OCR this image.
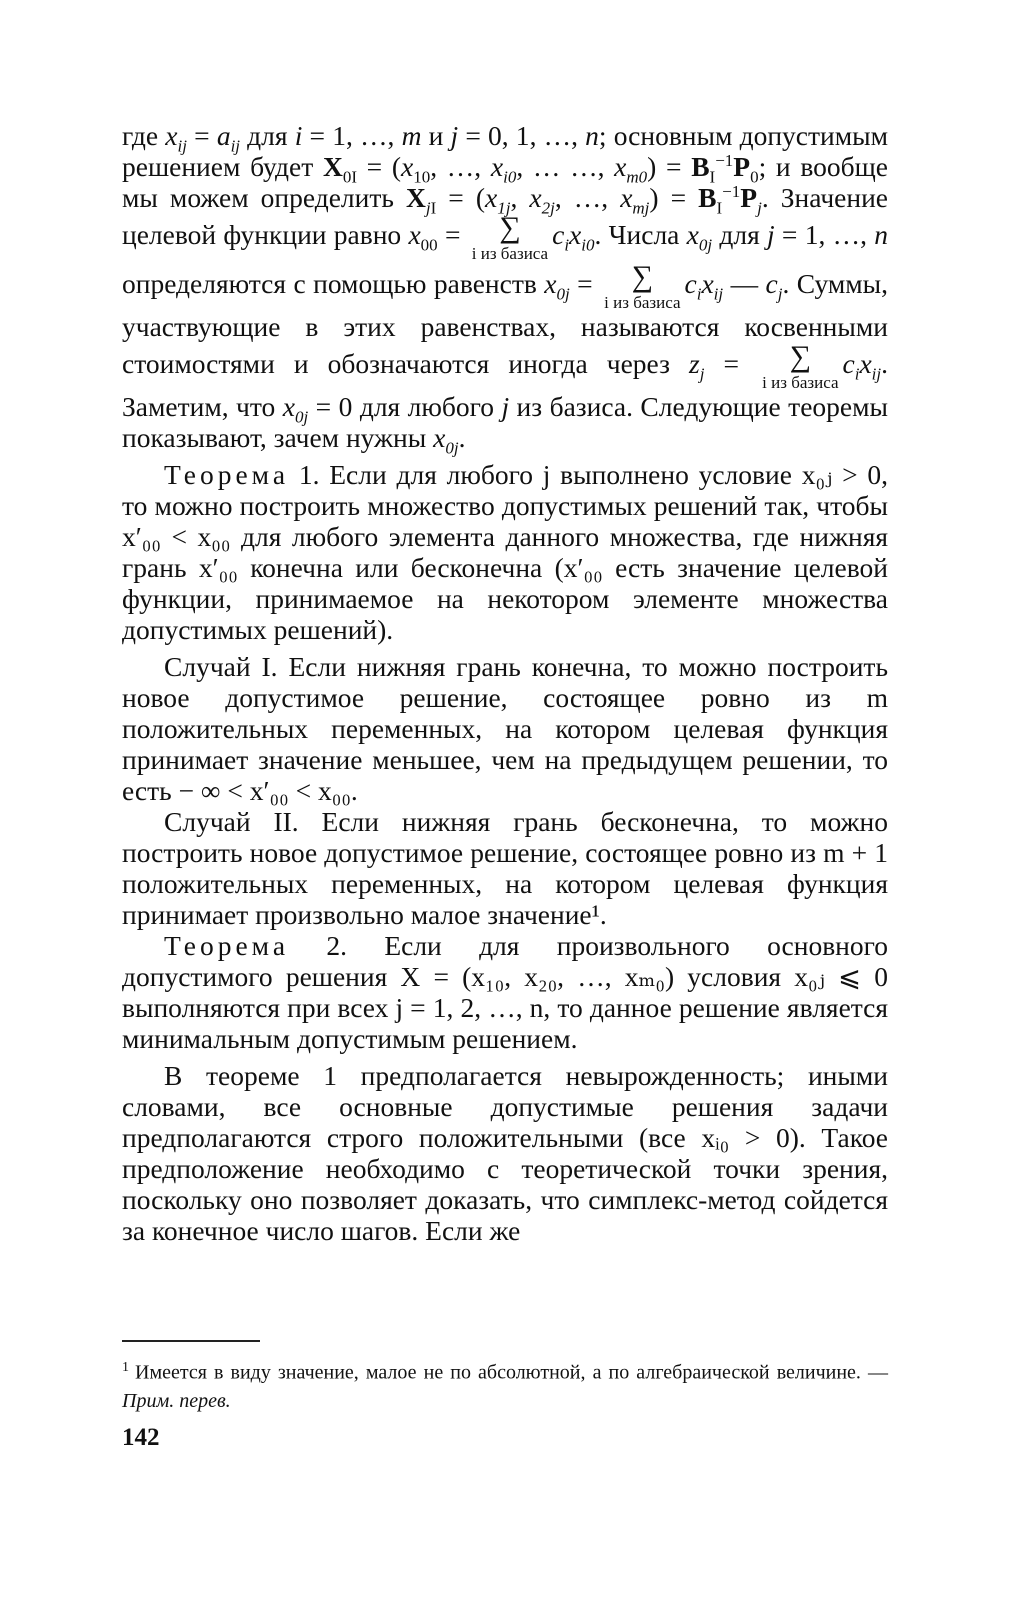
где $x_{ij} = a_{ij}$ для i = 1, …, m и j = 0, 1, …, n; основным допустимым решением будет $X_{0I} = (x_{10}$, …, $x_{i0}$, … …, $x_{m0}) = B_I^{-1}P_0$; и вообще мы можем определить $X_{jI} = (x_{1j}$, $x_{2j}$, …, $x_{mj}) = B_I^{-1}P_j$. Значение целевой функции равно $x_{00}$ = ∑
i из базиса
$c_ix_{i0}$. Числа $x_{0j}$ для j = 1, …, n определяются с помощью равенств $x_{0j}$ = ∑
i из базиса
$c_ix_{ij}$ — $c_j$. Суммы, участвующие в этих равенствах, называются косвенными стоимостями и обозначаются иногда через $z_j$ = ∑
i из базиса
$c_ix_{ij}$. Заметим, что $x_{0j} = 0$ для любого j из базиса. Следующие теоремы показывают, зачем нужны $x_{0j}$.

Теорема 1. Если для любого j выполнено условие x₀ⱼ > 0, то можно построить множество допустимых решений так, чтобы x′₀₀ < x₀₀ для любого элемента данного множества, где нижняя грань x′₀₀ конечна или бесконечна (x′₀₀ есть значение целевой функции, принимаемое на некотором элементе множества допустимых решений).

Случай I. Если нижняя грань конечна, то можно построить новое допустимое решение, состоящее ровно из m положительных переменных, на котором целевая функция принимает значение меньшее, чем на предыдущем решении, то есть − ∞ < x′₀₀ < x₀₀.

Случай II. Если нижняя грань бесконечна, то можно построить новое допустимое решение, состоящее ровно из m + 1 положительных переменных, на котором целевая функция принимает произвольно малое значение¹.

Теорема 2. Если для произвольного основного допустимого решения X = (x₁₀, x₂₀, …, xₘ₀) условия x₀ⱼ ⩽ 0 выполняются при всех j = 1, 2, …, n, то данное решение является минимальным допустимым решением.

В теореме 1 предполагается невырожденность; иными словами, все основные допустимые решения задачи предполагаются строго положительными (все xᵢ₀ > 0). Такое предположение необходимо с теоретической точки зрения, поскольку оно позволяет доказать, что симплекс-метод сойдется за конечное число шагов. Если же

$^1$ Имеется в виду значение, малое не по абсолютной, а по алгебраической величине. — Прим. перев.
142
